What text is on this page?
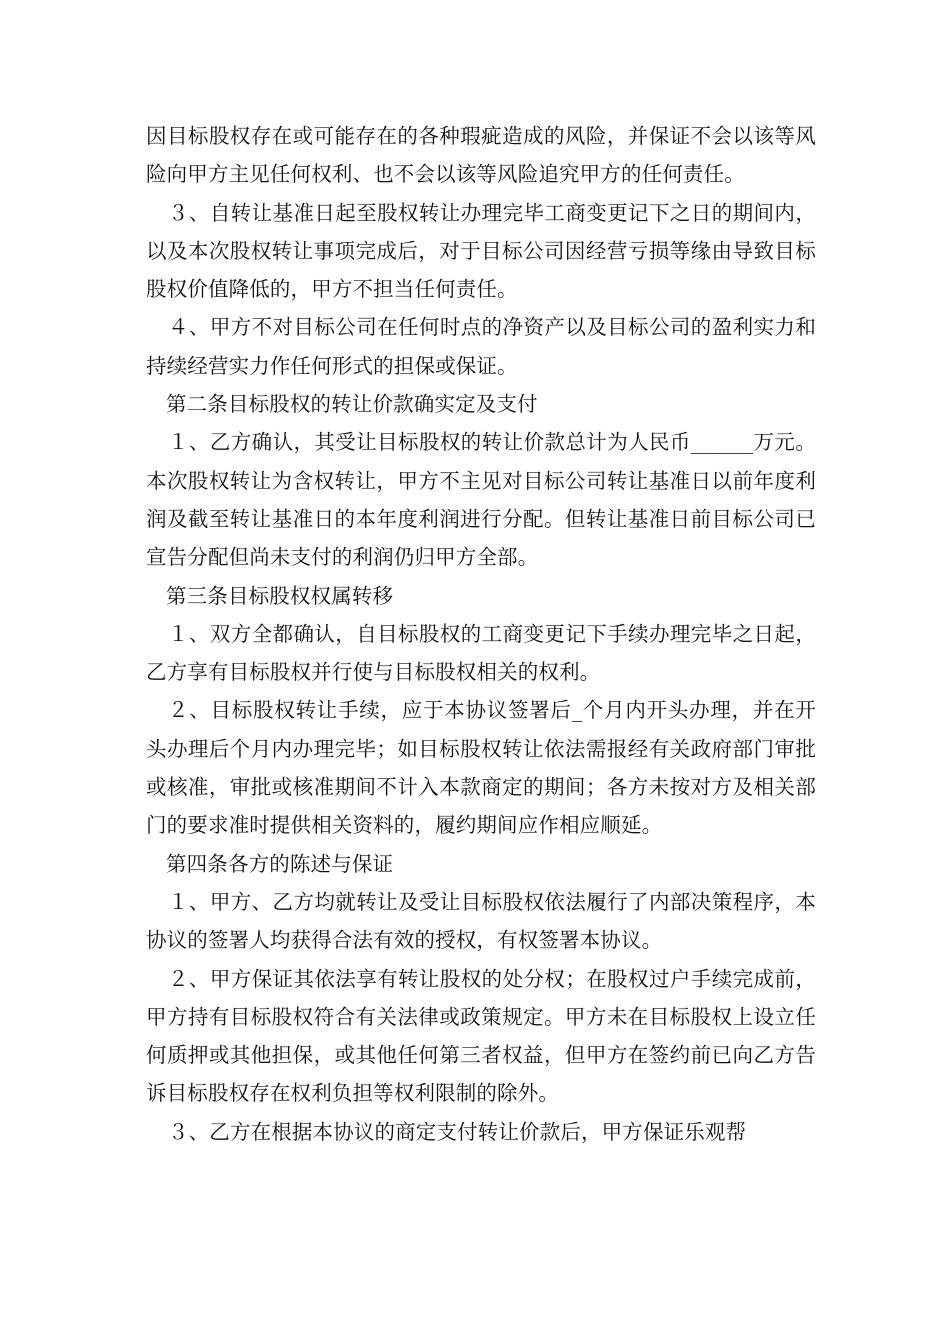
因目标股权存在或可能存在的各种瑕疵造成的风险，并保证不会以该等风险向甲方主见任何权利、也不会以该等风险追究甲方的任何责任。

３、自转让基准日起至股权转让办理完毕工商变更记下之日的期间内，以及本次股权转让事项完成后，对于目标公司因经营亏损等缘由导致目标股权价值降低的，甲方不担当任何责任。

４、甲方不对目标公司在任何时点的净资产以及目标公司的盈利实力和持续经营实力作任何形式的担保或保证。

第二条目标股权的转让价款确实定及支付

１、乙方确认，其受让目标股权的转让价款总计为人民币______万元。本次股权转让为含权转让，甲方不主见对目标公司转让基准日以前年度利润及截至转让基准日的本年度利润进行分配。但转让基准日前目标公司已宣告分配但尚未支付的利润仍归甲方全部。

第三条目标股权权属转移

１、双方全都确认，自目标股权的工商变更记下手续办理完毕之日起，乙方享有目标股权并行使与目标股权相关的权利。

２、目标股权转让手续，应于本协议签署后_个月内开头办理，并在开头办理后个月内办理完毕；如目标股权转让依法需报经有关政府部门审批或核准，审批或核准期间不计入本款商定的期间；各方未按对方及相关部门的要求准时提供相关资料的，履约期间应作相应顺延。

第四条各方的陈述与保证

１、甲方、乙方均就转让及受让目标股权依法履行了内部决策程序，本协议的签署人均获得合法有效的授权，有权签署本协议。

２、甲方保证其依法享有转让股权的处分权；在股权过户手续完成前，甲方持有目标股权符合有关法律或政策规定。甲方未在目标股权上设立任何质押或其他担保，或其他任何第三者权益，但甲方在签约前已向乙方告诉目标股权存在权利负担等权利限制的除外。

３、乙方在根据本协议的商定支付转让价款后，甲方保证乐观帮
